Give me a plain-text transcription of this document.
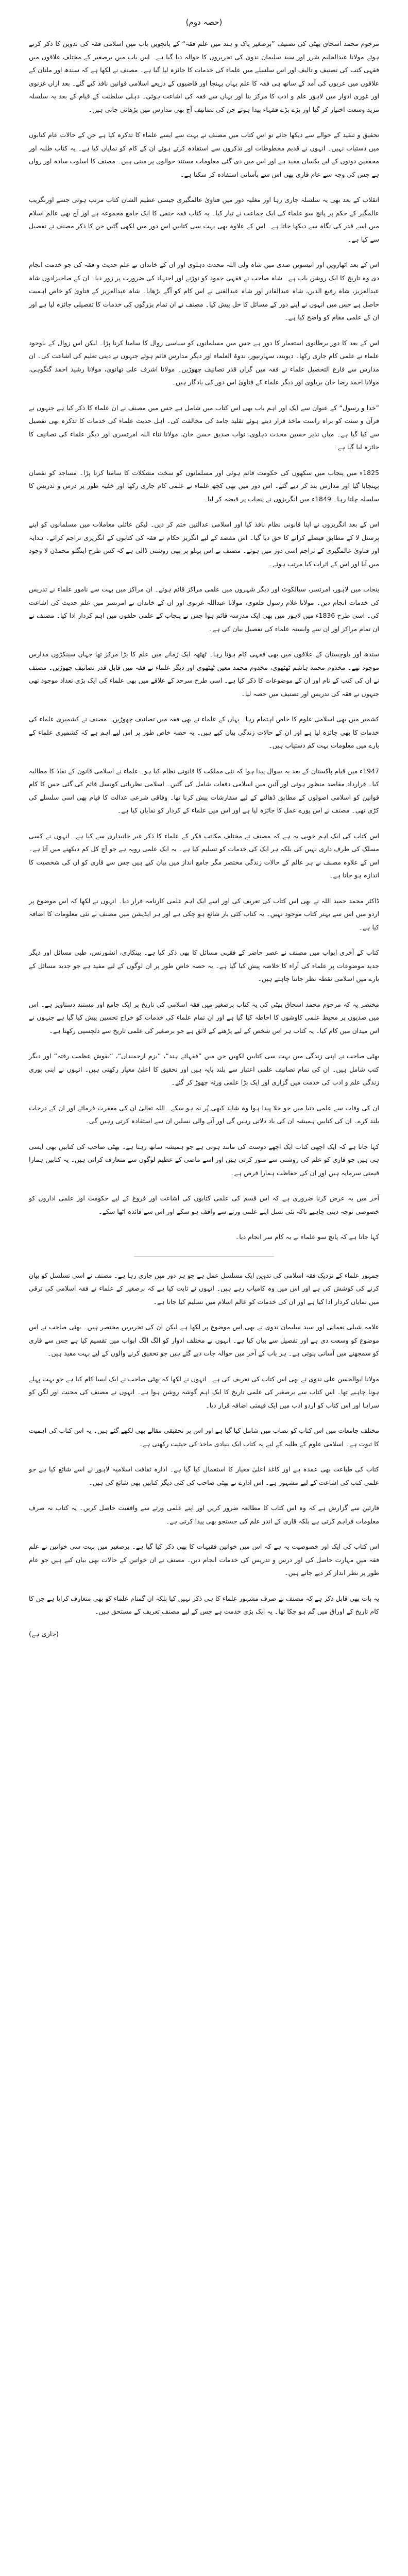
(حصہ دوم)

مرحوم محمد اسحاق بھٹی کی تصنیف ”برصغیر پاک و ہند میں علم فقہ“ کے پانچویں باب میں اسلامی فقہ کی تدوین کا ذکر کرتے ہوئے مولانا عبدالحلیم شرر اور سید سلیمان ندوی کی تحریروں کا حوالہ دیا گیا ہے۔ اس باب میں برصغیر کے مختلف علاقوں میں فقہی کتب کی تصنیف و تالیف اور اس سلسلے میں علماء کی خدمات کا جائزہ لیا گیا ہے۔ مصنف نے لکھا ہے کہ سندھ اور ملتان کے علاقوں میں عربوں کی آمد کے ساتھ ہی فقہ کا علم یہاں پہنچا اور قاضیوں کے ذریعے اسلامی قوانین نافذ کیے گئے۔ بعد ازاں غزنوی اور غوری ادوار میں لاہور علم و ادب کا مرکز بنا اور یہاں سے فقہ کی اشاعت ہوئی۔ دہلی سلطنت کے قیام کے بعد یہ سلسلہ مزید وسعت اختیار کر گیا اور بڑے بڑے فقہاء پیدا ہوئے جن کی تصانیف آج بھی مدارس میں پڑھائی جاتی ہیں۔

تحقیق و تنقید کے حوالے سے دیکھا جائے تو اس کتاب میں مصنف نے بہت سے ایسے علماء کا تذکرہ کیا ہے جن کے حالات عام کتابوں میں دستیاب نہیں۔ انہوں نے قدیم مخطوطات اور تذکروں سے استفادہ کرتے ہوئے ان کے کام کو نمایاں کیا ہے۔ یہ کتاب طلبہ اور محققین دونوں کے لیے یکساں مفید ہے اور اس میں دی گئی معلومات مستند حوالوں پر مبنی ہیں۔ مصنف کا اسلوب سادہ اور رواں ہے جس کی وجہ سے عام قاری بھی اس سے بآسانی استفادہ کر سکتا ہے۔

انقلاب کے بعد بھی یہ سلسلہ جاری رہا اور مغلیہ دور میں فتاویٰ عالمگیری جیسی عظیم الشان کتاب مرتب ہوئی جسے اورنگزیب عالمگیر کے حکم پر پانچ سو علماء کی ایک جماعت نے تیار کیا۔ یہ کتاب فقہ حنفی کا ایک جامع مجموعہ ہے اور آج بھی عالم اسلام میں اسے قدر کی نگاہ سے دیکھا جاتا ہے۔ اس کے علاوہ بھی بہت سی کتابیں اس دور میں لکھی گئیں جن کا ذکر مصنف نے تفصیل سے کیا ہے۔

اس کے بعد اٹھارویں اور انیسویں صدی میں شاہ ولی اللہ محدث دہلوی اور ان کے خاندان نے علم حدیث و فقہ کی جو خدمت انجام دی وہ تاریخ کا ایک روشن باب ہے۔ شاہ صاحب نے فقہی جمود کو توڑنے اور اجتہاد کی ضرورت پر زور دیا۔ ان کے صاحبزادوں شاہ عبدالعزیز، شاہ رفیع الدین، شاہ عبدالقادر اور شاہ عبدالغنی نے اس کام کو آگے بڑھایا۔ شاہ عبدالعزیز کے فتاویٰ کو خاص اہمیت حاصل ہے جس میں انہوں نے اپنے دور کے مسائل کا حل پیش کیا۔ مصنف نے ان تمام بزرگوں کی خدمات کا تفصیلی جائزہ لیا ہے اور ان کے علمی مقام کو واضح کیا ہے۔

اس کے بعد کا دور برطانوی استعمار کا دور ہے جس میں مسلمانوں کو سیاسی زوال کا سامنا کرنا پڑا۔ لیکن اس زوال کے باوجود علماء نے علمی کام جاری رکھا۔ دیوبند، سہارنپور، ندوۃ العلماء اور دیگر مدارس قائم ہوئے جنہوں نے دینی تعلیم کی اشاعت کی۔ ان مدارس سے فارغ التحصیل علماء نے فقہ میں گراں قدر تصانیف چھوڑیں۔ مولانا اشرف علی تھانوی، مولانا رشید احمد گنگوہی، مولانا احمد رضا خان بریلوی اور دیگر علماء کے فتاویٰ اس دور کی یادگار ہیں۔

”خدا و رسول“ کے عنوان سے ایک اور اہم باب بھی اس کتاب میں شامل ہے جس میں مصنف نے ان علماء کا ذکر کیا ہے جنہوں نے قرآن و سنت کو براہ راست ماخذ قرار دیتے ہوئے تقلید جامد کی مخالفت کی۔ اہل حدیث علماء کی خدمات کا تذکرہ بھی تفصیل سے کیا گیا ہے۔ میاں نذیر حسین محدث دہلوی، نواب صدیق حسن خان، مولانا ثناء اللہ امرتسری اور دیگر علماء کی تصانیف کا جائزہ لیا گیا ہے۔

1825ء میں پنجاب میں سکھوں کی حکومت قائم ہوئی اور مسلمانوں کو سخت مشکلات کا سامنا کرنا پڑا۔ مساجد کو نقصان پہنچایا گیا اور مدارس بند کر دیے گئے۔ اس دور میں بھی کچھ علماء نے علمی کام جاری رکھا اور خفیہ طور پر درس و تدریس کا سلسلہ چلتا رہا۔ 1849ء میں انگریزوں نے پنجاب پر قبضہ کر لیا۔

اس کے بعد انگریزوں نے اپنا قانونی نظام نافذ کیا اور اسلامی عدالتیں ختم کر دیں۔ لیکن عائلی معاملات میں مسلمانوں کو اپنے پرسنل لا کے مطابق فیصلے کرانے کا حق دیا گیا۔ اس مقصد کے لیے انگریز حکام نے فقہ کی کتابوں کے انگریزی تراجم کرائے۔ ہدایہ اور فتاویٰ عالمگیری کے تراجم اسی دور میں ہوئے۔ مصنف نے اس پہلو پر بھی روشنی ڈالی ہے کہ کس طرح اینگلو محمڈن لا وجود میں آیا اور اس کے اثرات کیا مرتب ہوئے۔

پنجاب میں لاہور، امرتسر، سیالکوٹ اور دیگر شہروں میں علمی مراکز قائم ہوئے۔ ان مراکز میں بہت سے نامور علماء نے تدریس کی خدمات انجام دیں۔ مولانا غلام رسول قلعوی، مولانا عبداللہ غزنوی اور ان کے خاندان نے امرتسر میں علم حدیث کی اشاعت کی۔ اسی طرح 1836ء میں لاہور میں بھی ایک مدرسہ قائم ہوا جس نے پنجاب کے علمی حلقوں میں اہم کردار ادا کیا۔ مصنف نے ان تمام مراکز اور ان سے وابستہ علماء کی تفصیل بیان کی ہے۔

سندھ اور بلوچستان کے علاقوں میں بھی فقہی کام ہوتا رہا۔ ٹھٹھہ ایک زمانے میں علم کا بڑا مرکز تھا جہاں سینکڑوں مدارس موجود تھے۔ مخدوم محمد ہاشم ٹھٹھوی، مخدوم محمد معین ٹھٹھوی اور دیگر علماء نے فقہ میں قابل قدر تصانیف چھوڑیں۔ مصنف نے ان کی کتب کے نام اور ان کے موضوعات کا ذکر کیا ہے۔ اسی طرح سرحد کے علاقے میں بھی علماء کی ایک بڑی تعداد موجود تھی جنہوں نے فقہ کی تدریس اور تصنیف میں حصہ لیا۔

کشمیر میں بھی اسلامی علوم کا خاص اہتمام رہا۔ یہاں کے علماء نے بھی فقہ میں تصانیف چھوڑیں۔ مصنف نے کشمیری علماء کی خدمات کا بھی جائزہ لیا ہے اور ان کے حالات زندگی بیان کیے ہیں۔ یہ حصہ خاص طور پر اس لیے اہم ہے کہ کشمیری علماء کے بارے میں معلومات بہت کم دستیاب ہیں۔

1947ء میں قیام پاکستان کے بعد یہ سوال پیدا ہوا کہ نئی مملکت کا قانونی نظام کیا ہو۔ علماء نے اسلامی قانون کے نفاذ کا مطالبہ کیا۔ قرارداد مقاصد منظور ہوئی اور آئین میں اسلامی دفعات شامل کی گئیں۔ اسلامی نظریاتی کونسل قائم کی گئی جس کا کام قوانین کو اسلامی اصولوں کے مطابق ڈھالنے کے لیے سفارشات پیش کرنا تھا۔ وفاقی شرعی عدالت کا قیام بھی اسی سلسلے کی کڑی تھی۔ مصنف نے اس پورے عمل کا جائزہ لیا ہے اور اس میں علماء کے کردار کو نمایاں کیا ہے۔

اس کتاب کی ایک اہم خوبی یہ ہے کہ مصنف نے مختلف مکاتب فکر کے علماء کا ذکر غیر جانبداری سے کیا ہے۔ انہوں نے کسی مسلک کی طرف داری نہیں کی بلکہ ہر ایک کی خدمات کو تسلیم کیا ہے۔ یہ ایک علمی رویہ ہے جو آج کل کم دیکھنے میں آتا ہے۔ اس کے علاوہ مصنف نے ہر عالم کے حالات زندگی مختصر مگر جامع انداز میں بیان کیے ہیں جس سے قاری کو ان کی شخصیت کا اندازہ ہو جاتا ہے۔

ڈاکٹر محمد حمید اللہ نے بھی اس کتاب کی تعریف کی اور اسے ایک اہم علمی کارنامہ قرار دیا۔ انہوں نے لکھا کہ اس موضوع پر اردو میں اس سے بہتر کتاب موجود نہیں۔ یہ کتاب کئی بار شائع ہو چکی ہے اور ہر ایڈیشن میں مصنف نے نئی معلومات کا اضافہ کیا ہے۔

کتاب کے آخری ابواب میں مصنف نے عصر حاضر کے فقہی مسائل کا بھی ذکر کیا ہے۔ بینکاری، انشورنس، طبی مسائل اور دیگر جدید موضوعات پر علماء کی آراء کا خلاصہ پیش کیا گیا ہے۔ یہ حصہ خاص طور پر ان لوگوں کے لیے مفید ہے جو جدید مسائل کے بارے میں اسلامی نقطہ نظر جاننا چاہتے ہیں۔

مختصر یہ کہ مرحوم محمد اسحاق بھٹی کی یہ کتاب برصغیر میں فقہ اسلامی کی تاریخ پر ایک جامع اور مستند دستاویز ہے۔ اس میں صدیوں پر محیط علمی کاوشوں کا احاطہ کیا گیا ہے اور ان تمام علماء کی خدمات کو خراج تحسین پیش کیا گیا ہے جنہوں نے اس میدان میں کام کیا۔ یہ کتاب ہر اس شخص کے لیے پڑھنے کے لائق ہے جو برصغیر کی علمی تاریخ سے دلچسپی رکھتا ہے۔

بھٹی صاحب نے اپنی زندگی میں بہت سی کتابیں لکھیں جن میں ”فقہائے ہند“، ”بزم ارجمنداں“، ”نقوش عظمت رفتہ“ اور دیگر کتب شامل ہیں۔ ان کی تمام تصانیف علمی اعتبار سے بلند پایہ ہیں اور تحقیق کا اعلیٰ معیار رکھتی ہیں۔ انہوں نے اپنی پوری زندگی علم و ادب کی خدمت میں گزاری اور ایک بڑا علمی ورثہ چھوڑ کر گئے۔

ان کی وفات سے علمی دنیا میں جو خلا پیدا ہوا وہ شاید کبھی پُر نہ ہو سکے۔ اللہ تعالیٰ ان کی مغفرت فرمائے اور ان کے درجات بلند کرے۔ ان کی کتابیں ہمیشہ ان کی یاد دلاتی رہیں گی اور آنے والی نسلیں ان سے استفادہ کرتی رہیں گی۔

کہا جاتا ہے کہ ایک اچھی کتاب ایک اچھے دوست کی مانند ہوتی ہے جو ہمیشہ ساتھ رہتا ہے۔ بھٹی صاحب کی کتابیں بھی ایسی ہی ہیں جو قاری کو علم کی روشنی سے منور کرتی ہیں اور اسے ماضی کے عظیم لوگوں سے متعارف کراتی ہیں۔ یہ کتابیں ہمارا قیمتی سرمایہ ہیں اور ان کی حفاظت ہمارا فرض ہے۔

آخر میں یہ عرض کرنا ضروری ہے کہ اس قسم کی علمی کتابوں کی اشاعت اور فروغ کے لیے حکومت اور علمی اداروں کو خصوصی توجہ دینی چاہیے تاکہ نئی نسل اپنے علمی ورثے سے واقف ہو سکے اور اس سے فائدہ اٹھا سکے۔

کہا جاتا ہے کہ پانچ سو علماء نے یہ کام سر انجام دیا۔

جمہور علماء کے نزدیک فقہ اسلامی کی تدوین ایک مسلسل عمل ہے جو ہر دور میں جاری رہا ہے۔ مصنف نے اسی تسلسل کو بیان کرنے کی کوشش کی ہے اور اس میں وہ کامیاب رہے ہیں۔ انہوں نے ثابت کیا ہے کہ برصغیر کے علماء نے فقہ اسلامی کی ترقی میں نمایاں کردار ادا کیا ہے اور ان کی خدمات کو عالم اسلام میں تسلیم کیا جاتا ہے۔

علامہ شبلی نعمانی اور سید سلیمان ندوی نے بھی اس موضوع پر لکھا ہے لیکن ان کی تحریریں مختصر ہیں۔ بھٹی صاحب نے اس موضوع کو وسعت دی ہے اور تفصیل سے بیان کیا ہے۔ انہوں نے مختلف ادوار کو الگ الگ ابواب میں تقسیم کیا ہے جس سے قاری کو سمجھنے میں آسانی ہوتی ہے۔ ہر باب کے آخر میں حوالہ جات دیے گئے ہیں جو تحقیق کرنے والوں کے لیے بہت مفید ہیں۔

مولانا ابوالحسن علی ندوی نے بھی اس کتاب کی تعریف کی ہے۔ انہوں نے لکھا کہ بھٹی صاحب نے ایک ایسا کام کیا ہے جو بہت پہلے ہونا چاہیے تھا۔ اس کتاب سے برصغیر کی علمی تاریخ کا ایک اہم گوشہ روشن ہوا ہے۔ انہوں نے مصنف کی محنت اور لگن کو سراہا اور اس کتاب کو اردو ادب میں ایک قیمتی اضافہ قرار دیا۔

مختلف جامعات میں اس کتاب کو نصاب میں شامل کیا گیا ہے اور اس پر تحقیقی مقالے بھی لکھے گئے ہیں۔ یہ اس کتاب کی اہمیت کا ثبوت ہے۔ اسلامی علوم کے طلبہ کے لیے یہ کتاب ایک بنیادی ماخذ کی حیثیت رکھتی ہے۔

کتاب کی طباعت بھی عمدہ ہے اور کاغذ اعلیٰ معیار کا استعمال کیا گیا ہے۔ ادارہ ثقافت اسلامیہ لاہور نے اسے شائع کیا ہے جو علمی کتب کی اشاعت کے لیے مشہور ہے۔ اس ادارے نے بھٹی صاحب کی کئی دیگر کتابیں بھی شائع کی ہیں۔

قارئین سے گزارش ہے کہ وہ اس کتاب کا مطالعہ ضرور کریں اور اپنے علمی ورثے سے واقفیت حاصل کریں۔ یہ کتاب نہ صرف معلومات فراہم کرتی ہے بلکہ قاری کے اندر علم کی جستجو بھی پیدا کرتی ہے۔

اس کتاب کی ایک اور خصوصیت یہ ہے کہ اس میں خواتین فقیہات کا بھی ذکر کیا گیا ہے۔ برصغیر میں بہت سی خواتین نے علم فقہ میں مہارت حاصل کی اور درس و تدریس کی خدمات انجام دیں۔ مصنف نے ان خواتین کے حالات بھی بیان کیے ہیں جو عام طور پر نظر انداز کر دیے جاتے ہیں۔

یہ بات بھی قابل ذکر ہے کہ مصنف نے صرف مشہور علماء کا ہی ذکر نہیں کیا بلکہ ان گمنام علماء کو بھی متعارف کرایا ہے جن کا کام تاریخ کے اوراق میں گم ہو چکا تھا۔ یہ ایک بڑی خدمت ہے جس کے لیے مصنف تعریف کے مستحق ہیں۔

(جاری ہے)
